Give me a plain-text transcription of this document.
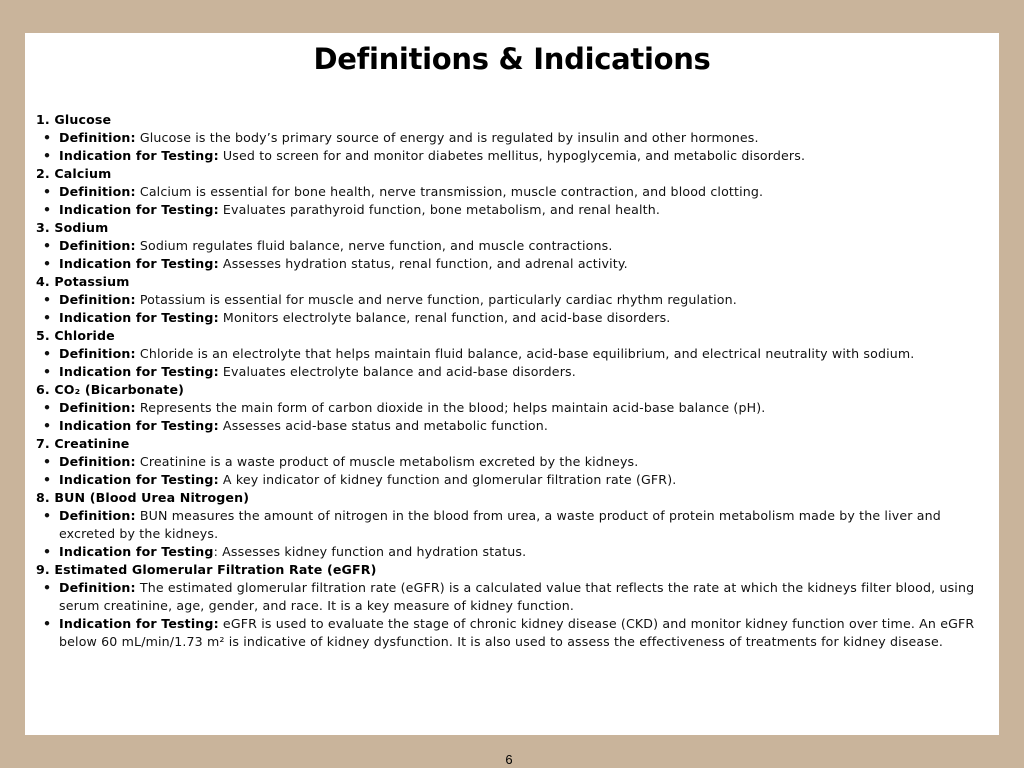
Definitions & Indications
1. Glucose
• Definition: Glucose is the body’s primary source of energy and is regulated by insulin and other hormones.
• Indication for Testing: Used to screen for and monitor diabetes mellitus, hypoglycemia, and metabolic disorders.
2. Calcium
• Definition: Calcium is essential for bone health, nerve transmission, muscle contraction, and blood clotting.
• Indication for Testing: Evaluates parathyroid function, bone metabolism, and renal health.
3. Sodium
• Definition: Sodium regulates fluid balance, nerve function, and muscle contractions.
• Indication for Testing: Assesses hydration status, renal function, and adrenal activity.
4. Potassium
• Definition: Potassium is essential for muscle and nerve function, particularly cardiac rhythm regulation.
• Indication for Testing: Monitors electrolyte balance, renal function, and acid-base disorders.
5. Chloride
• Definition: Chloride is an electrolyte that helps maintain fluid balance, acid-base equilibrium, and electrical neutrality with sodium.
• Indication for Testing: Evaluates electrolyte balance and acid-base disorders.
6. CO₂ (Bicarbonate)
• Definition: Represents the main form of carbon dioxide in the blood; helps maintain acid-base balance (pH).
• Indication for Testing: Assesses acid-base status and metabolic function.
7. Creatinine
• Definition: Creatinine is a waste product of muscle metabolism excreted by the kidneys.
• Indication for Testing: A key indicator of kidney function and glomerular filtration rate (GFR).
8. BUN (Blood Urea Nitrogen)
• Definition: BUN measures the amount of nitrogen in the blood from urea, a waste product of protein metabolism made by the liver and excreted by the kidneys.
• Indication for Testing: Assesses kidney function and hydration status.
9. Estimated Glomerular Filtration Rate (eGFR)
• Definition: The estimated glomerular filtration rate (eGFR) is a calculated value that reflects the rate at which the kidneys filter blood, using serum creatinine, age, gender, and race. It is a key measure of kidney function.
• Indication for Testing: eGFR is used to evaluate the stage of chronic kidney disease (CKD) and monitor kidney function over time. An eGFR below 60 mL/min/1.73 m² is indicative of kidney dysfunction. It is also used to assess the effectiveness of treatments for kidney disease.
6
